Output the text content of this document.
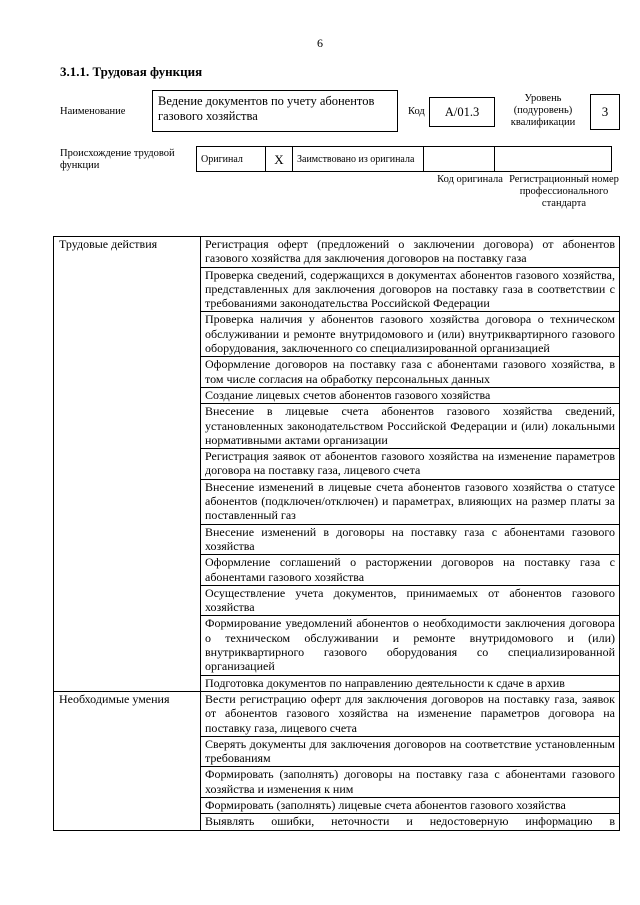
6
3.1.1. Трудовая функция
Наименование
Ведение документов по учету абонентов газового хозяйства	Код	А/01.3
Уровень (подуровень) квалификации
3
Происхождение трудовой функции
Оригинал	X	Заимствовано из оригинала		
Код оригинала Регистрационный номер профессионального стандарта
Трудовые действия	Регистрация оферт (предложений о заключении договора) от абонентов газового хозяйства для заключения договоров на поставку газа
	Проверка сведений, содержащихся в документах абонентов газового хозяйства, представленных для заключения договоров на поставку газа в соответствии с требованиями законодательства Российской Федерации
	Проверка наличия у абонентов газового хозяйства договора о техническом обслуживании и ремонте внутридомового и (или) внутриквартирного газового оборудования, заключенного со специализированной организацией
	Оформление договоров на поставку газа с абонентами газового хозяйства, в том числе согласия на обработку персональных данных
	Создание лицевых счетов абонентов газового хозяйства
	Внесение в лицевые счета абонентов газового хозяйства сведений, установленных законодательством Российской Федерации и (или) локальными нормативными актами организации
	Регистрация заявок от абонентов газового хозяйства на изменение параметров договора на поставку газа, лицевого счета
	Внесение изменений в лицевые счета абонентов газового хозяйства о статусе абонентов (подключен/отключен) и параметрах, влияющих на размер платы за поставленный газ
	Внесение изменений в договоры на поставку газа с абонентами газового хозяйства
	Оформление соглашений о расторжении договоров на поставку газа с абонентами газового хозяйства
	Осуществление учета документов, принимаемых от абонентов газового хозяйства
	Формирование уведомлений абонентов о необходимости заключения договора о техническом обслуживании и ремонте внутридомового и (или) внутриквартирного газового оборудования со специализированной организацией
	Подготовка документов по направлению деятельности к сдаче в архив
Необходимые умения	Вести регистрацию оферт для заключения договоров на поставку газа, заявок от абонентов газового хозяйства на изменение параметров договора на поставку газа, лицевого счета
	Сверять документы для заключения договоров на соответствие установленным требованиям
	Формировать (заполнять) договоры на поставку газа с абонентами газового хозяйства и изменения к ним
	Формировать (заполнять) лицевые счета абонентов газового хозяйства
	Выявлять ошибки, неточности и недостоверную информацию в
